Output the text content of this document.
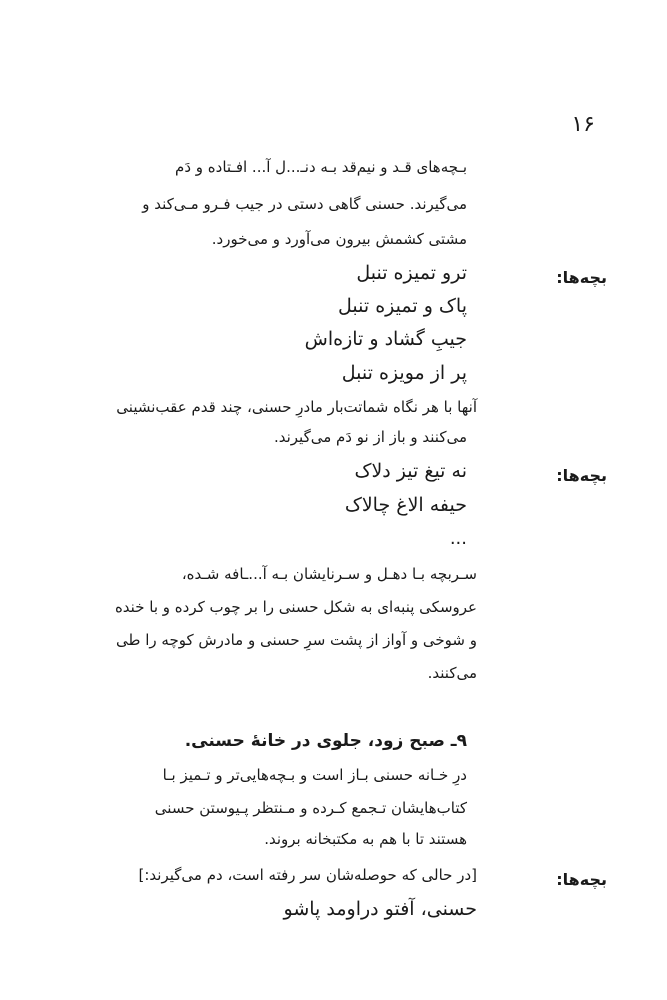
۱۶
بـچه‌های قـد و نیم‌قد بـه دنـ...ل آ... افـتاده و دَم
می‌گیرند. حسنی گاهی دستی در جیب فـرو مـی‌کند و
مشتی کشمش بیرون می‌آورد و می‌خورد.
بچه‌ها:
ترو تمیزه تنبل
پاک و تمیزه تنبل
جیبِ گشاد و تازه‌اش
پر از مویزه تنبل
آنها با هر نگاه شماتت‌بار مادرِ حسنی، چند قدم عقب‌نشینی
می‌کنند و باز از نو دَم می‌گیرند.
بچه‌ها:
نه تیغ تیز دلاک
حیفه الاغ چالاک
...
سـربچه بـا دهـل و سـرنایشان بـه آ...ـافه شـده،
عروسکی پنبه‌ای به شکل حسنی را بر چوب کرده و با خنده
و شوخی و آواز از پشت سرِ حسنی و مادرش کوچه را طی
می‌کنند.
۹ـ صبح زود، جلوی در خانهٔ حسنی.
درِ خـانه حسنی بـاز است و بـچه‌هایی‌تر و تـمیز بـا
کتاب‌هایشان تـجمع کـرده و مـنتظر پـیوستن حسنی
هستند تا با هم به مکتبخانه بروند.
بچه‌ها:
[در حالی که حوصله‌شان سر رفته است، دم می‌گیرند:]
حسنی، آفتو دراومد پاشو
